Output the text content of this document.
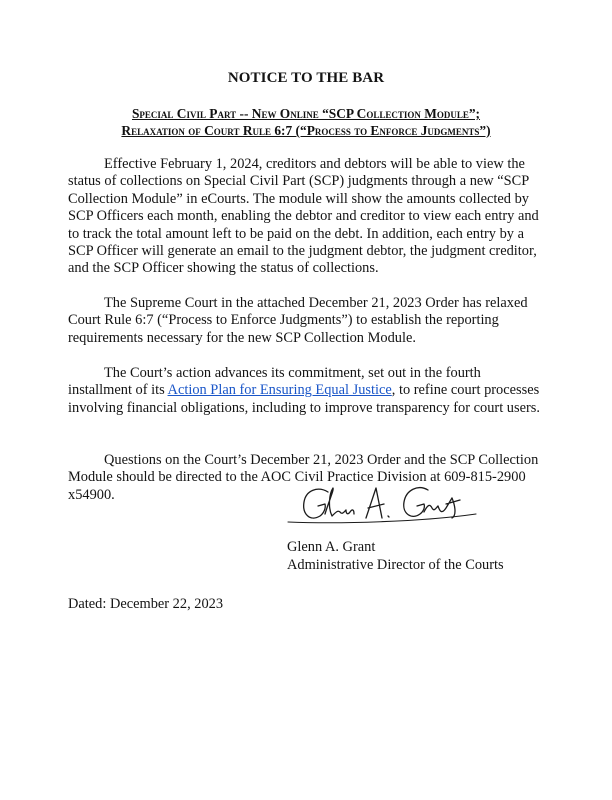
NOTICE TO THE BAR
Special Civil Part -- New Online “SCP Collection Module”;
Relaxation of Court Rule 6:7 (“Process to Enforce Judgments”)

Effective February 1, 2024, creditors and debtors will be able to view the status of collections on Special Civil Part (SCP) judgments through a new “SCP Collection Module” in eCourts. The module will show the amounts collected by SCP Officers each month, enabling the debtor and creditor to view each entry and to track the total amount left to be paid on the debt. In addition, each entry by a SCP Officer will generate an email to the judgment debtor, the judgment creditor, and the SCP Officer showing the status of collections.

The Supreme Court in the attached December 21, 2023 Order has relaxed Court Rule 6:7 (“Process to Enforce Judgments”) to establish the reporting requirements necessary for the new SCP Collection Module.

The Court’s action advances its commitment, set out in the fourth installment of its Action Plan for Ensuring Equal Justice, to refine court processes involving financial obligations, including to improve transparency for court users.

Questions on the Court’s December 21, 2023 Order and the SCP Collection Module should be directed to the AOC Civil Practice Division at 609-815-2900 x54900.

Glenn A. Grant
Administrative Director of the Courts
Dated: December 22, 2023
